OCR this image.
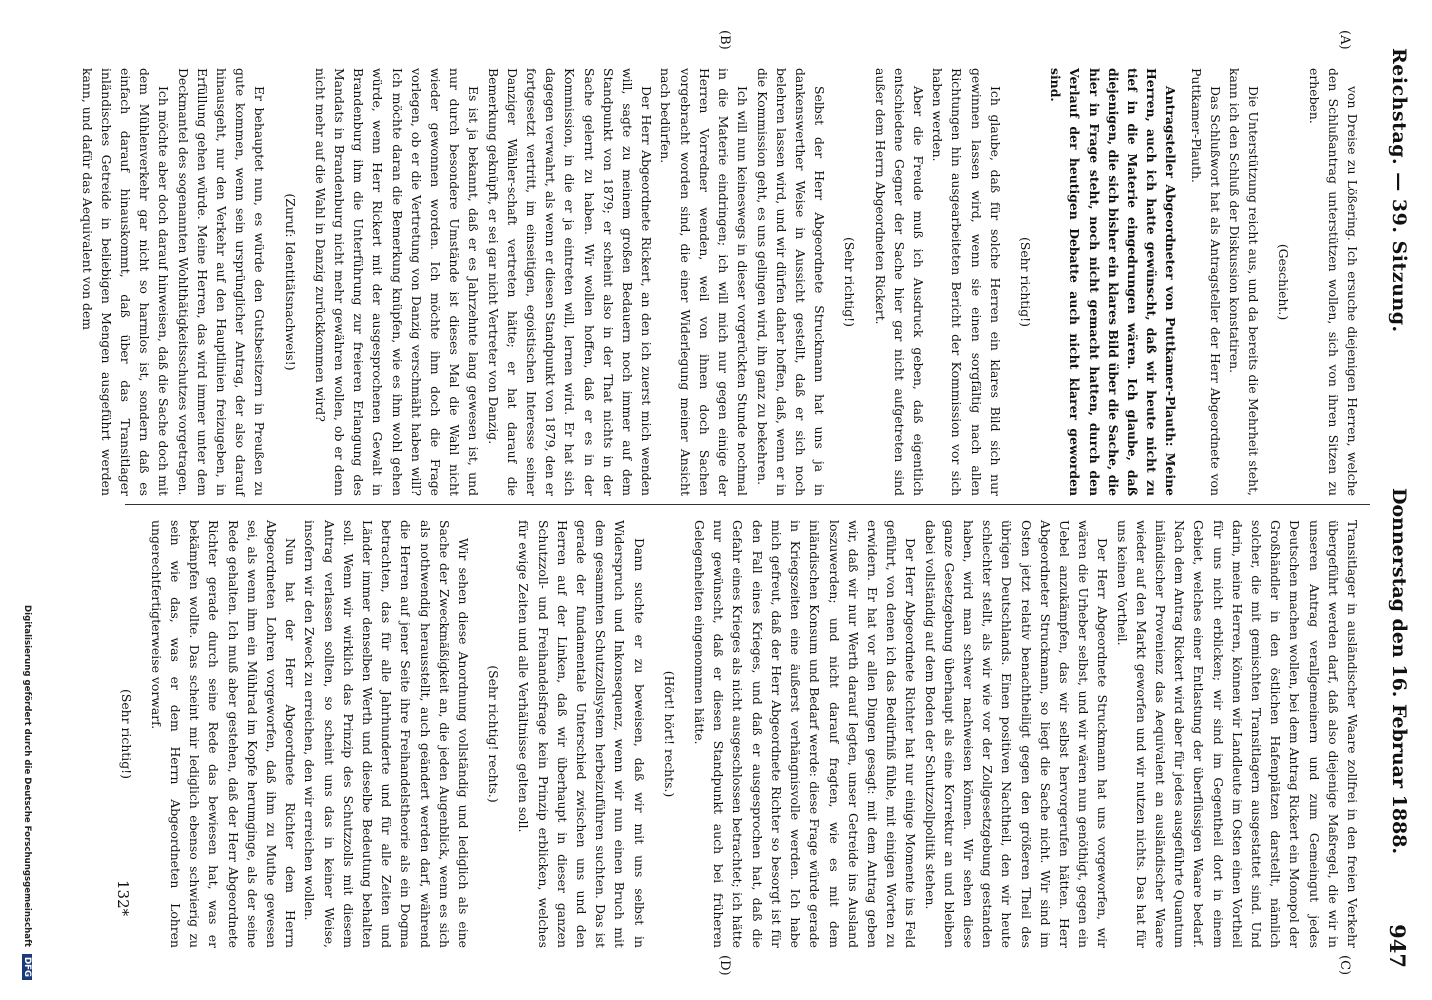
Reichstag. — 39. Sitzung.
Donnerstag den 16. Februar 1888.
947
(A)
(B)
(C)
(D)

von Dreise zu Lößering. Ich ersuche diejenigen Herren, welche den Schlußantrag unterstützen wollen, sich von ihren Sitzen zu erheben.

(Geschieht.)

Die Unterstützung reicht aus, und da bereits die Mehrheit steht, kann ich den Schluß der Diskussion konstatiren.

Das Schlußwort hat als Antragsteller der Herr Abgeordnete von Puttkamer-Plauth.

Antragsteller Abgeordneter von Puttkamer-Plauth: Meine Herren, auch ich hatte gewünscht, daß wir heute nicht zu tief in die Materie eingedrungen wären. Ich glaube, daß diejenigen, die sich bisher ein klares Bild über die Sache, die hier in Frage steht, noch nicht gemacht hatten, durch den Verlauf der heutigen Debatte auch nicht klarer geworden sind.

(Sehr richtig!)

Ich glaube, daß für solche Herren ein klares Bild sich nur gewinnen lassen wird, wenn sie einen sorgfältig nach allen Richtungen hin ausgearbeiteten Bericht der Kommission vor sich haben werden.

Aber die Freude muß ich Ausdruck geben, daß eigentlich entschiedene Gegner der Sache hier gar nicht aufgetreten sind außer dem Herrn Abgeordneten Rickert.

(Sehr richtig!)

Selbst der Herr Abgeordnete Struckmann hat uns ja in dankenswerther Weise in Aussicht gestellt, daß er sich noch belehren lassen wird, und wir dürfen daher hoffen, daß, wenn er in die Kommission geht, es uns gelingen wird, ihn ganz zu bekehren.

Ich will nun keineswegs in dieser vorgerückten Stunde nochmal in die Materie eindringen; ich will mich nur gegen einige der Herren Vorredner wenden, weil von ihnen doch Sachen vorgebracht worden sind, die einer Widerlegung meiner Ansicht nach bedürfen.

Der Herr Abgeordnete Rickert, an den ich zuerst mich wenden will, sagte zu meinem großen Bedauern noch immer auf dem Standpunkt von 1879; er scheint also in der That nichts in der Sache gelernt zu haben. Wir wollen hoffen, daß er es in der Kommission, in die er ja eintreten will, lernen wird. Er hat sich dagegen verwahrt, als wenn er diesen Standpunkt von 1879, den er fortgesetzt vertritt, im einseitigen, egoistischen Interesse seiner Danziger Wähler-schaft vertreten hätte; er hat darauf die Bemerkung geknüpft, er sei gar nicht Vertreter von Danzig.

Es ist ja bekannt, daß er es Jahrzehnte lang gewesen ist, und nur durch besondere Umstände ist dieses Mal die Wahl nicht wieder gewonnen worden. Ich möchte ihm doch die Frage vorlegen, ob er die Vertretung von Danzig verschmäht haben will? Ich möchte daran die Bemerkung knüpfen, wie es ihm wohl gehen würde, wenn Herr Rickert mit der ausgesprochenen Gewalt in Brandenburg ihm die Unterführung zur freieren Erlangung des Mandats in Brandenburg nicht mehr gewähren wollen, ob er denn nicht mehr auf die Wahl in Danzig zurückkommen wird?

(Zuruf: Identitätsnachweis!)

Er behauptet nun, es würde den Gutsbesitzern in Preußen zu gute kommen, wenn sein ursprünglicher Antrag, der also darauf hinausgeht, nur den Verkehr auf den Hauptlinien freizugeben, in Erfüllung gehen würde. Meine Herren, das wird immer unter dem Deckmantel des sogenannten Wohlthätigkeitsschutzes vorgetragen.

Ich möchte aber doch darauf hinweisen, daß die Sache doch mit dem Mühlenverkehr gar nicht so harmlos ist, sondern daß es einfach darauf hinauskommt, daß über das Transitlager inländisches Getreide in beliebigen Mengen ausgeführt werden kann, und dafür das Aequivalent von dem

Transitlager in ausländischer Waare zollfrei in den freien Verkehr übergeführt werden darf, daß also diejenige Maßregel, die wir in unseren Antrag verallgemeinern und zum Gemeingut jedes Deutschen machen wollen, bei dem Antrag Rickert ein Monopol der Großhändler in den östlichen Hafenplätzen darstellt, nämlich solcher, die mit gemischten Transitlagern ausgestattet sind. Und darin, meine Herren, können wir Landleute im Osten einen Vortheil für uns nicht erblicken; wir sind im Gegentheil dort in einem Gebiet, welches einer Entlastung der überflüssigen Waare bedarf. Nach dem Antrag Rickert wird aber für jedes ausgeführte Quantum inländischer Provenienz das Aequivalent an ausländischer Waare wieder auf den Markt geworfen und wir nutzen nichts. Das hat für uns keinen Vortheil.

Der Herr Abgeordnete Struckmann hat uns vorgeworfen, wir wären die Urheber selbst, und wir wären nun genöthigt, gegen ein Uebel anzukämpfen, das wir selbst hervorgerufen hätten. Herr Abgeordneter Struckmann, so liegt die Sache nicht. Wir sind im Osten jetzt relativ benachtheiligt gegen den größeren Theil des übrigen Deutschlands. Einen positiven Nachtheil, den wir heute schlechter stellt, als wir wie vor der Zollgesetzgebung gestanden haben, wird man schwer nachweisen können. Wir sehen diese ganze Gesetzgebung überhaupt als eine Korrektur an und bleiben dabei vollständig auf dem Boden der Schutzzollpolitik stehen.

Der Herr Abgeordnete Richter hat nur einige Momente ins Feld geführt, von denen ich das Bedürfniß fühle, mit einigen Worten zu erwidern. Er hat vor allen Dingen gesagt: mit dem Antrag geben wir, daß wir nur Werth darauf legten, unser Getreide ins Ausland loszuwerden; und nicht darauf fragten, wie es mit dem inländischen Konsum und Bedarf werde: diese Frage würde gerade in Kriegszeiten eine äußerst verhängnisvolle werden. Ich habe mich gefreut, daß der Herr Abgeordnete Richter so besorgt ist für den Fall eines Krieges, und daß er ausgesprochen hat, daß die Gefahr eines Krieges als nicht ausgeschlossen betrachtet; ich hätte nur gewünscht, daß er diesen Standpunkt auch bei früheren Gelegenheiten eingenommen hätte.

(Hört! hört! rechts.)

Dann suchte er zu beweisen, daß wir mit uns selbst in Widerspruch und Inkonsequenz, wenn wir nun einen Bruch mit dem gesammten Schutzzollsystem herbeizuführen suchten. Das ist gerade der fundamentale Unterschied zwischen uns und den Herren auf der Linken, daß wir überhaupt in dieser ganzen Schutzzoll- und Freihandelsfrage kein Prinzip erblicken, welches für ewige Zeiten und alle Verhältnisse gelten soll.

(Sehr richtig! rechts.)

Wir sehen diese Anordnung vollständig und lediglich als eine Sache der Zweckmäßigkeit an, die jeden Augenblick, wenn es sich als nothwendig herausstellt, auch geändert werden darf, während die Herren auf jener Seite ihre Freihandelstheorie als ein Dogma betrachten, das für alle Jahrhunderte und für alle Zeiten und Länder immer denselben Werth und dieselbe Bedeutung behalten soll. Wenn wir wirklich das Prinzip des Schutzzolls mit diesem Antrag verlassen sollten, so scheint uns das in keiner Weise, insofern wir den Zweck zu erreichen, den wir erreichen wollen.

Nun hat der Herr Abgeordnete Richter dem Herrn Abgeordneten Lohren vorgeworfen, daß ihm zu Muthe gewesen sei, als wenn ihm ein Mühlrad im Kopfe herumginge, als der seine Rede gehalten. Ich muß aber gestehen, daß der Herr Abgeordnete Richter gerade durch seine Rede das bewiesen hat, was er bekämpfen wollte. Das scheint mir lediglich ebenso schwierig zu sein wie das, was er dem Herrn Abgeordneten Lohren ungerechtfertigterweise vorwarf.

(Sehr richtig!)

132*
Digitalisierung gefördert durch die Deutsche Forschungsgemeinschaft DFG
